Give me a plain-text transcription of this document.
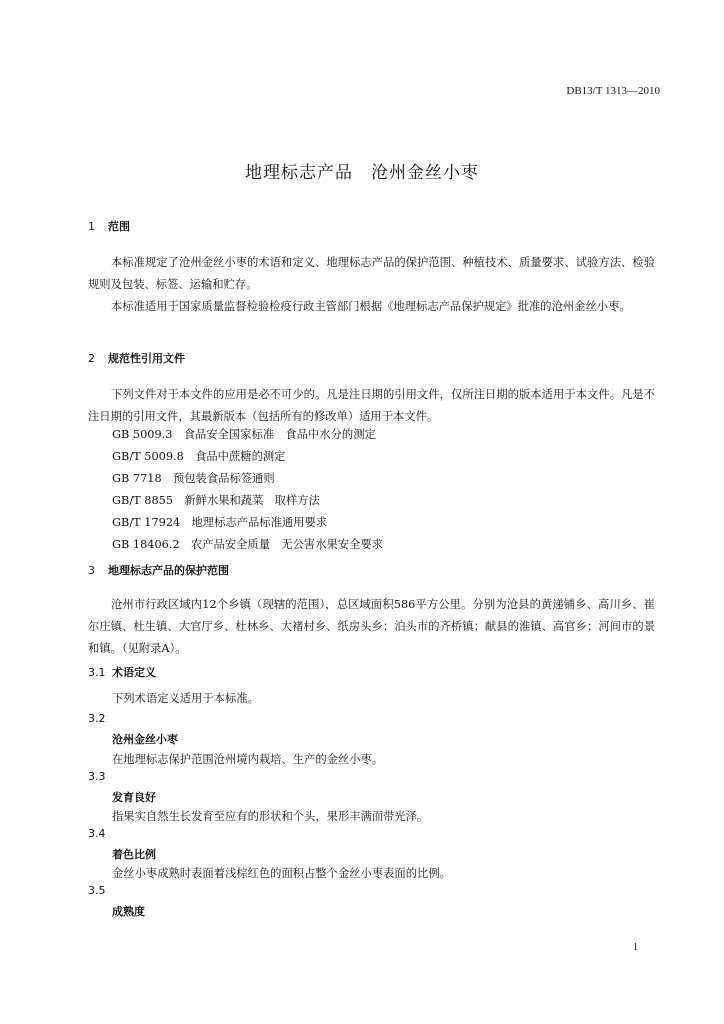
DB13/T 1313—2010
地理标志产品　沧州金丝小枣
1 范围

本标准规定了沧州金丝小枣的术语和定义、地理标志产品的保护范围、种植技术、质量要求、试验方法、检验规则及包装、标签、运输和贮存。

本标准适用于国家质量监督检验检疫行政主管部门根据《地理标志产品保护规定》批准的沧州金丝小枣。

2 规范性引用文件

下列文件对于本文件的应用是必不可少的。凡是注日期的引用文件，仅所注日期的版本适用于本文件。凡是不注日期的引用文件，其最新版本（包括所有的修改单）适用于本文件。

GB 5009.3　食品安全国家标准　食品中水分的测定
GB/T 5009.8　食品中蔗糖的测定
GB 7718　预包装食品标签通则
GB/T 8855　新鲜水果和蔬菜　取样方法
GB/T 17924　地理标志产品标准通用要求
GB 18406.2　农产品安全质量　无公害水果安全要求
3 地理标志产品的保护范围

沧州市行政区域内12个乡镇（现辖的范围），总区域面积586平方公里。分别为沧县的黄递铺乡、高川乡、崔尔庄镇、杜生镇、大官厅乡、杜林乡、大褚村乡、纸房头乡；泊头市的齐桥镇；献县的淮镇、高官乡；河间市的景和镇。（见附录A）。

3.1 术语定义
下列术语定义适用于本标准。
3.2
沧州金丝小枣
在地理标志保护范围沧州境内栽培、生产的金丝小枣。
3.3
发育良好
指果实自然生长发育至应有的形状和个头，果形丰满而带光泽。
3.4
着色比例
金丝小枣成熟时表面着浅棕红色的面积占整个金丝小枣表面的比例。
3.5
成熟度
1
